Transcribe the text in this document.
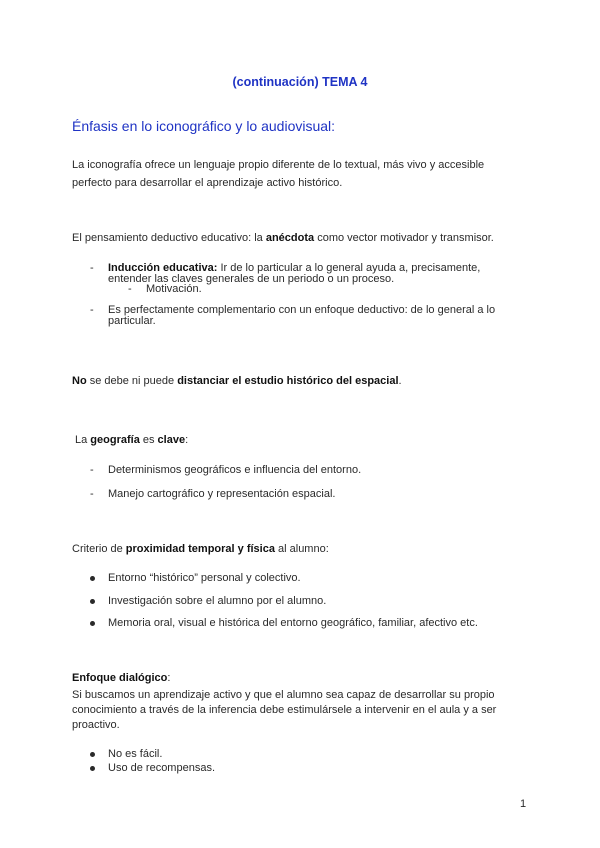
(continuación) TEMA 4
Énfasis en lo iconográfico y lo audiovisual:
La iconografía ofrece un lenguaje propio diferente de lo textual, más vivo y accesible
perfecto para desarrollar el aprendizaje activo histórico.
El pensamiento deductivo educativo: la anécdota como vector motivador y transmisor.
- Inducción educativa: Ir de lo particular a lo general ayuda a, precisamente,
entender las claves generales de un periodo o un proceso.
- Motivación.
- Es perfectamente complementario con un enfoque deductivo: de lo general a lo
particular.
No se debe ni puede distanciar el estudio histórico del espacial.
La geografía es clave:
- Determinismos geográficos e influencia del entorno.
- Manejo cartográfico y representación espacial.
Criterio de proximidad temporal y física al alumno:
Entorno “histórico” personal y colectivo.
Investigación sobre el alumno por el alumno.
Memoria oral, visual e histórica del entorno geográfico, familiar, afectivo etc.
Enfoque dialógico:
Si buscamos un aprendizaje activo y que el alumno sea capaz de desarrollar su propio
conocimiento a través de la inferencia debe estimulársele a intervenir en el aula y a ser
proactivo.
No es fácil.
Uso de recompensas.
1
